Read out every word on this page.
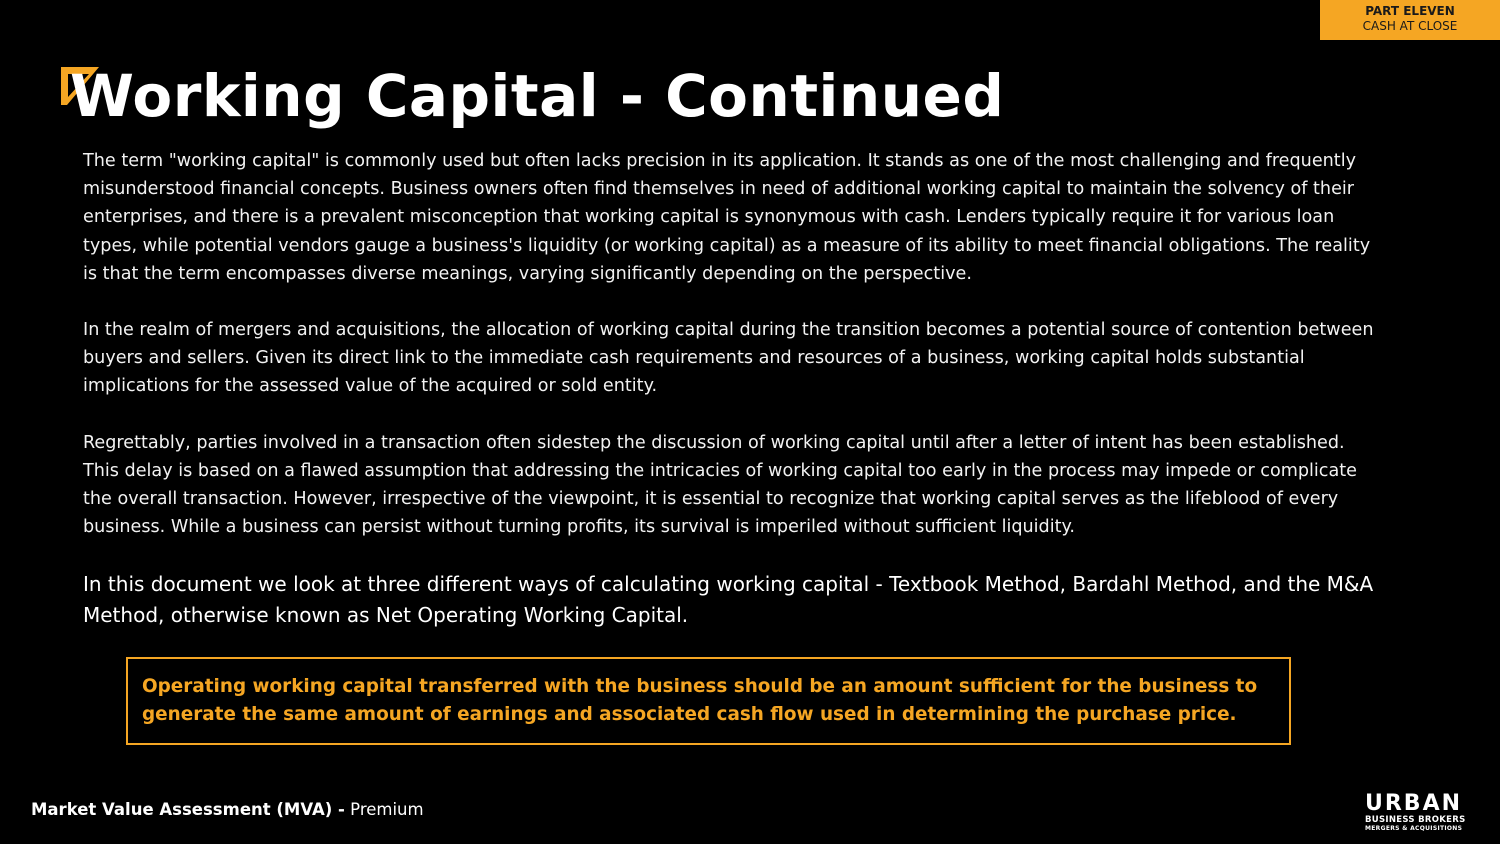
PART ELEVEN
CASH AT CLOSE
Working Capital - Continued

The term "working capital" is commonly used but often lacks precision in its application. It stands as one of the most challenging and frequently misunderstood financial concepts. Business owners often find themselves in need of additional working capital to maintain the solvency of their enterprises, and there is a prevalent misconception that working capital is synonymous with cash. Lenders typically require it for various loan types, while potential vendors gauge a business's liquidity (or working capital) as a measure of its ability to meet financial obligations. The reality is that the term encompasses diverse meanings, varying significantly depending on the perspective.

In the realm of mergers and acquisitions, the allocation of working capital during the transition becomes a potential source of contention between buyers and sellers. Given its direct link to the immediate cash requirements and resources of a business, working capital holds substantial implications for the assessed value of the acquired or sold entity.

Regrettably, parties involved in a transaction often sidestep the discussion of working capital until after a letter of intent has been established. This delay is based on a flawed assumption that addressing the intricacies of working capital too early in the process may impede or complicate the overall transaction. However, irrespective of the viewpoint, it is essential to recognize that working capital serves as the lifeblood of every business. While a business can persist without turning profits, its survival is imperiled without sufficient liquidity.

In this document we look at three different ways of calculating working capital - Textbook Method, Bardahl Method, and the M&A Method, otherwise known as Net Operating Working Capital.

Operating working capital transferred with the business should be an amount sufficient for the business to generate the same amount of earnings and associated cash flow used in determining the purchase price.
Market Value Assessment (MVA) - Premium	URBAN
BUSINESS BROKERS
MERGERS & ACQUISITIONS
